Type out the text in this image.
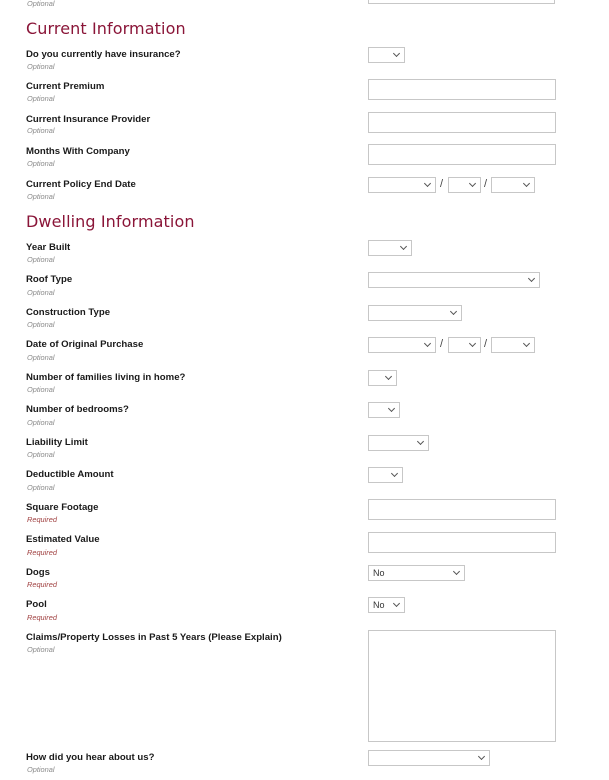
Optional
Current Information
Do you currently have insurance?
Optional
Current Premium
Optional
Current Insurance Provider
Optional
Months With Company
Optional
Current Policy End Date
Optional
/	/
Dwelling Information
Year Built
Optional
Roof Type
Optional
Construction Type
Optional
Date of Original Purchase
Optional
/	/
Number of families living in home?
Optional
Number of bedrooms?
Optional
Liability Limit
Optional
Deductible Amount
Optional
Square Footage
Required
Estimated Value
Required
Dogs
Required
No
Pool
Required
No
Claims/Property Losses in Past 5 Years (Please Explain)
Optional
How did you hear about us?
Optional
